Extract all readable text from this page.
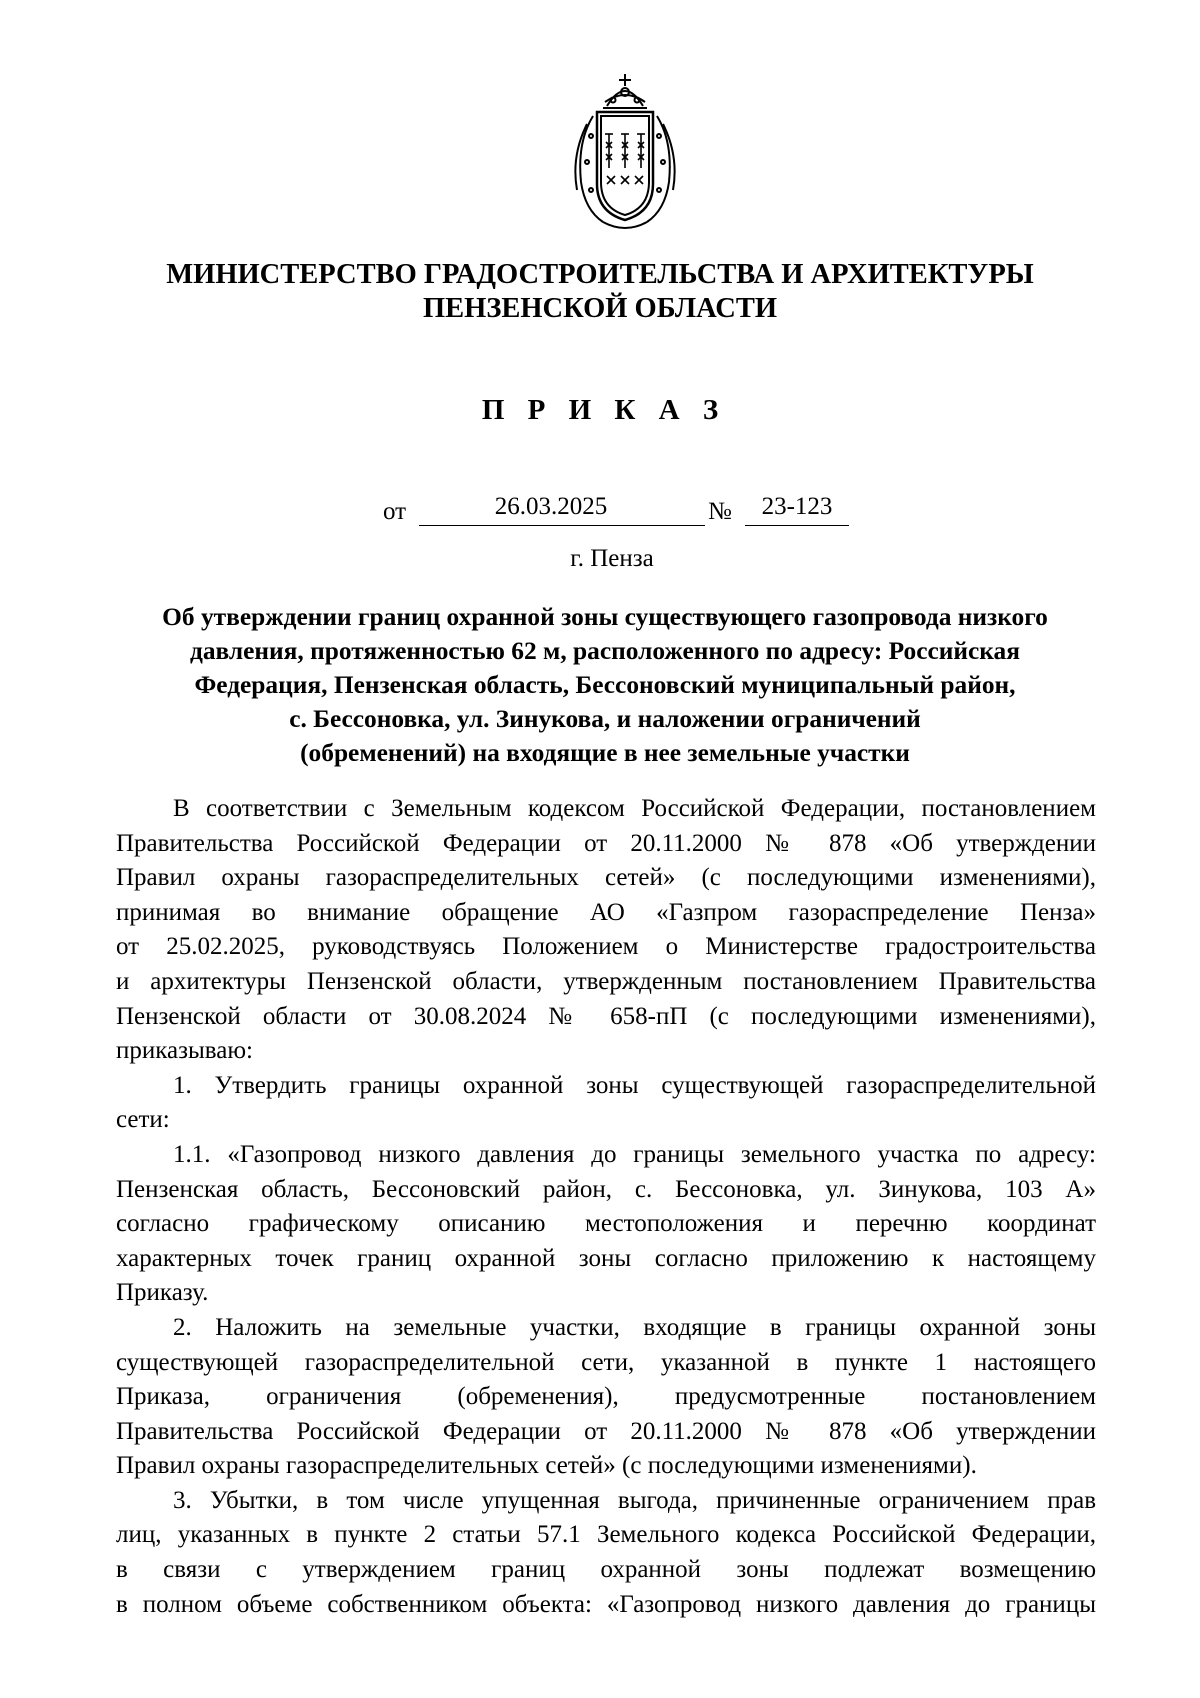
МИНИСТЕРСТВО ГРАДОСТРОИТЕЛЬСТВА И АРХИТЕКТУРЫ
ПЕНЗЕНСКОЙ ОБЛАСТИ
П Р И К А З
от	26.03.2025	№	23-123
г. Пенза
Об утверждении границ охранной зоны существующего газопровода низкого
давления, протяженностью 62 м, расположенного по адресу: Российская
Федерация, Пензенская область, Бессоновский муниципальный район,
с. Бессоновка, ул. Зинукова, и наложении ограничений
(обременений) на входящие в нее земельные участки

В соответствии с Земельным кодексом Российской Федерации, постановлением
Правительства Российской Федерации от 20.11.2000 № 878 «Об утверждении
Правил охраны газораспределительных сетей» (с последующими изменениями),
принимая во внимание обращение АО «Газпром газораспределение Пенза»
от 25.02.2025, руководствуясь Положением о Министерстве градостроительства
и архитектуры Пензенской области, утвержденным постановлением Правительства
Пензенской области от 30.08.2024 № 658-пП (с последующими изменениями),
приказываю:

1. Утвердить границы охранной зоны существующей газораспределительной
сети:

1.1. «Газопровод низкого давления до границы земельного участка по адресу:
Пензенская область, Бессоновский район, с. Бессоновка, ул. Зинукова, 103 А»
согласно графическому описанию местоположения и перечню координат
характерных точек границ охранной зоны согласно приложению к настоящему
Приказу.

2. Наложить на земельные участки, входящие в границы охранной зоны
существующей газораспределительной сети, указанной в пункте 1 настоящего
Приказа, ограничения (обременения), предусмотренные постановлением
Правительства Российской Федерации от 20.11.2000 № 878 «Об утверждении
Правил охраны газораспределительных сетей» (с последующими изменениями).

3. Убытки, в том числе упущенная выгода, причиненные ограничением прав
лиц, указанных в пункте 2 статьи 57.1 Земельного кодекса Российской Федерации,
в связи с утверждением границ охранной зоны подлежат возмещению
в полном объеме собственником объекта: «Газопровод низкого давления до границы
